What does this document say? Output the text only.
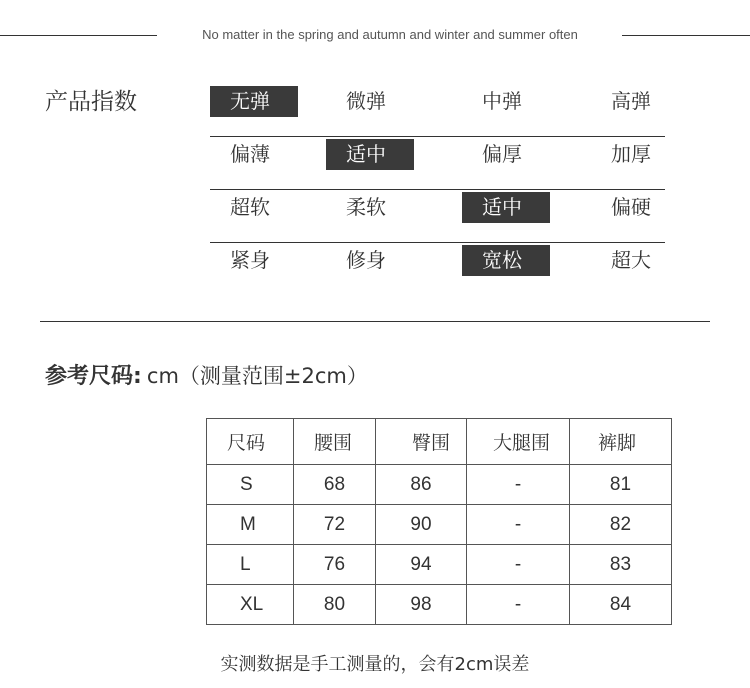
No matter in the spring and autumn and winter and summer often
产品指数	无弹	微弹	中弹	高弹
偏薄	适中	偏厚	加厚
超软	柔软	适中	偏硬
紧身	修身	宽松	超大
参考尺码: cm（测量范围±2cm）
尺码	腰围	臀围	大腿围	裤脚
S	68	86	-	81
M	72	90	-	82
L	76	94	-	83
XL	80	98	-	84
实测数据是手工测量的，会有2cm误差
